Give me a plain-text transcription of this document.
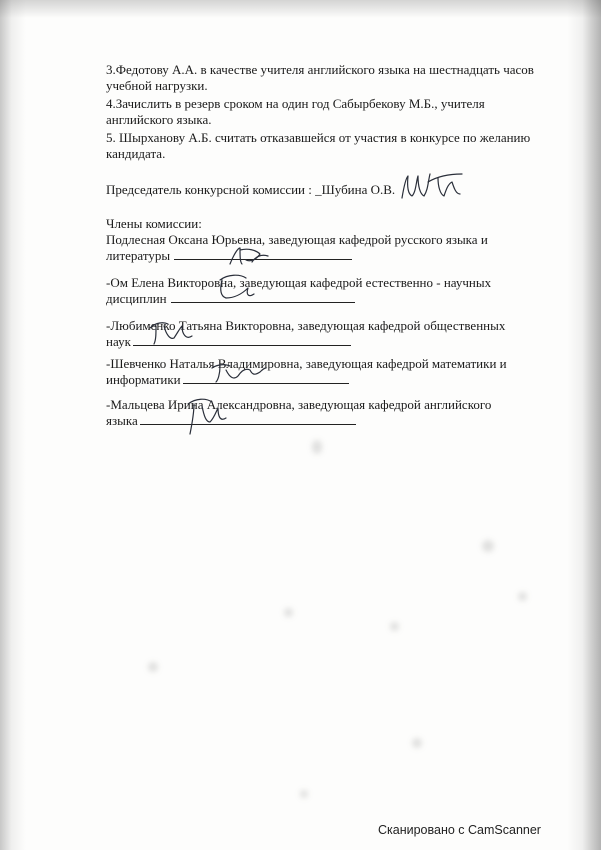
3.Федотову А.А. в качестве учителя английского языка на шестнадцать часов
учебной нагрузки.
4.Зачислить в резерв сроком на один год Сабырбекову М.Б., учителя
английского языка.
5. Шырханову А.Б. считать отказавшейся от участия в конкурсе по желанию
кандидата.
Председатель конкурсной комиссии : _Шубина О.В.
Члены комиссии:
Подлесная Оксана Юрьевна, заведующая кафедрой русского языка и
литературы
-Ом Елена Викторовна, заведующая кафедрой естественно - научных
дисциплин
-Любименко Татьяна Викторовна, заведующая кафедрой общественных
наук
-Шевченко Наталья Владимировна, заведующая кафедрой математики и
информатики
-Мальцева Ирина Александровна, заведующая кафедрой английского
языка
Сканировано с CamScanner
